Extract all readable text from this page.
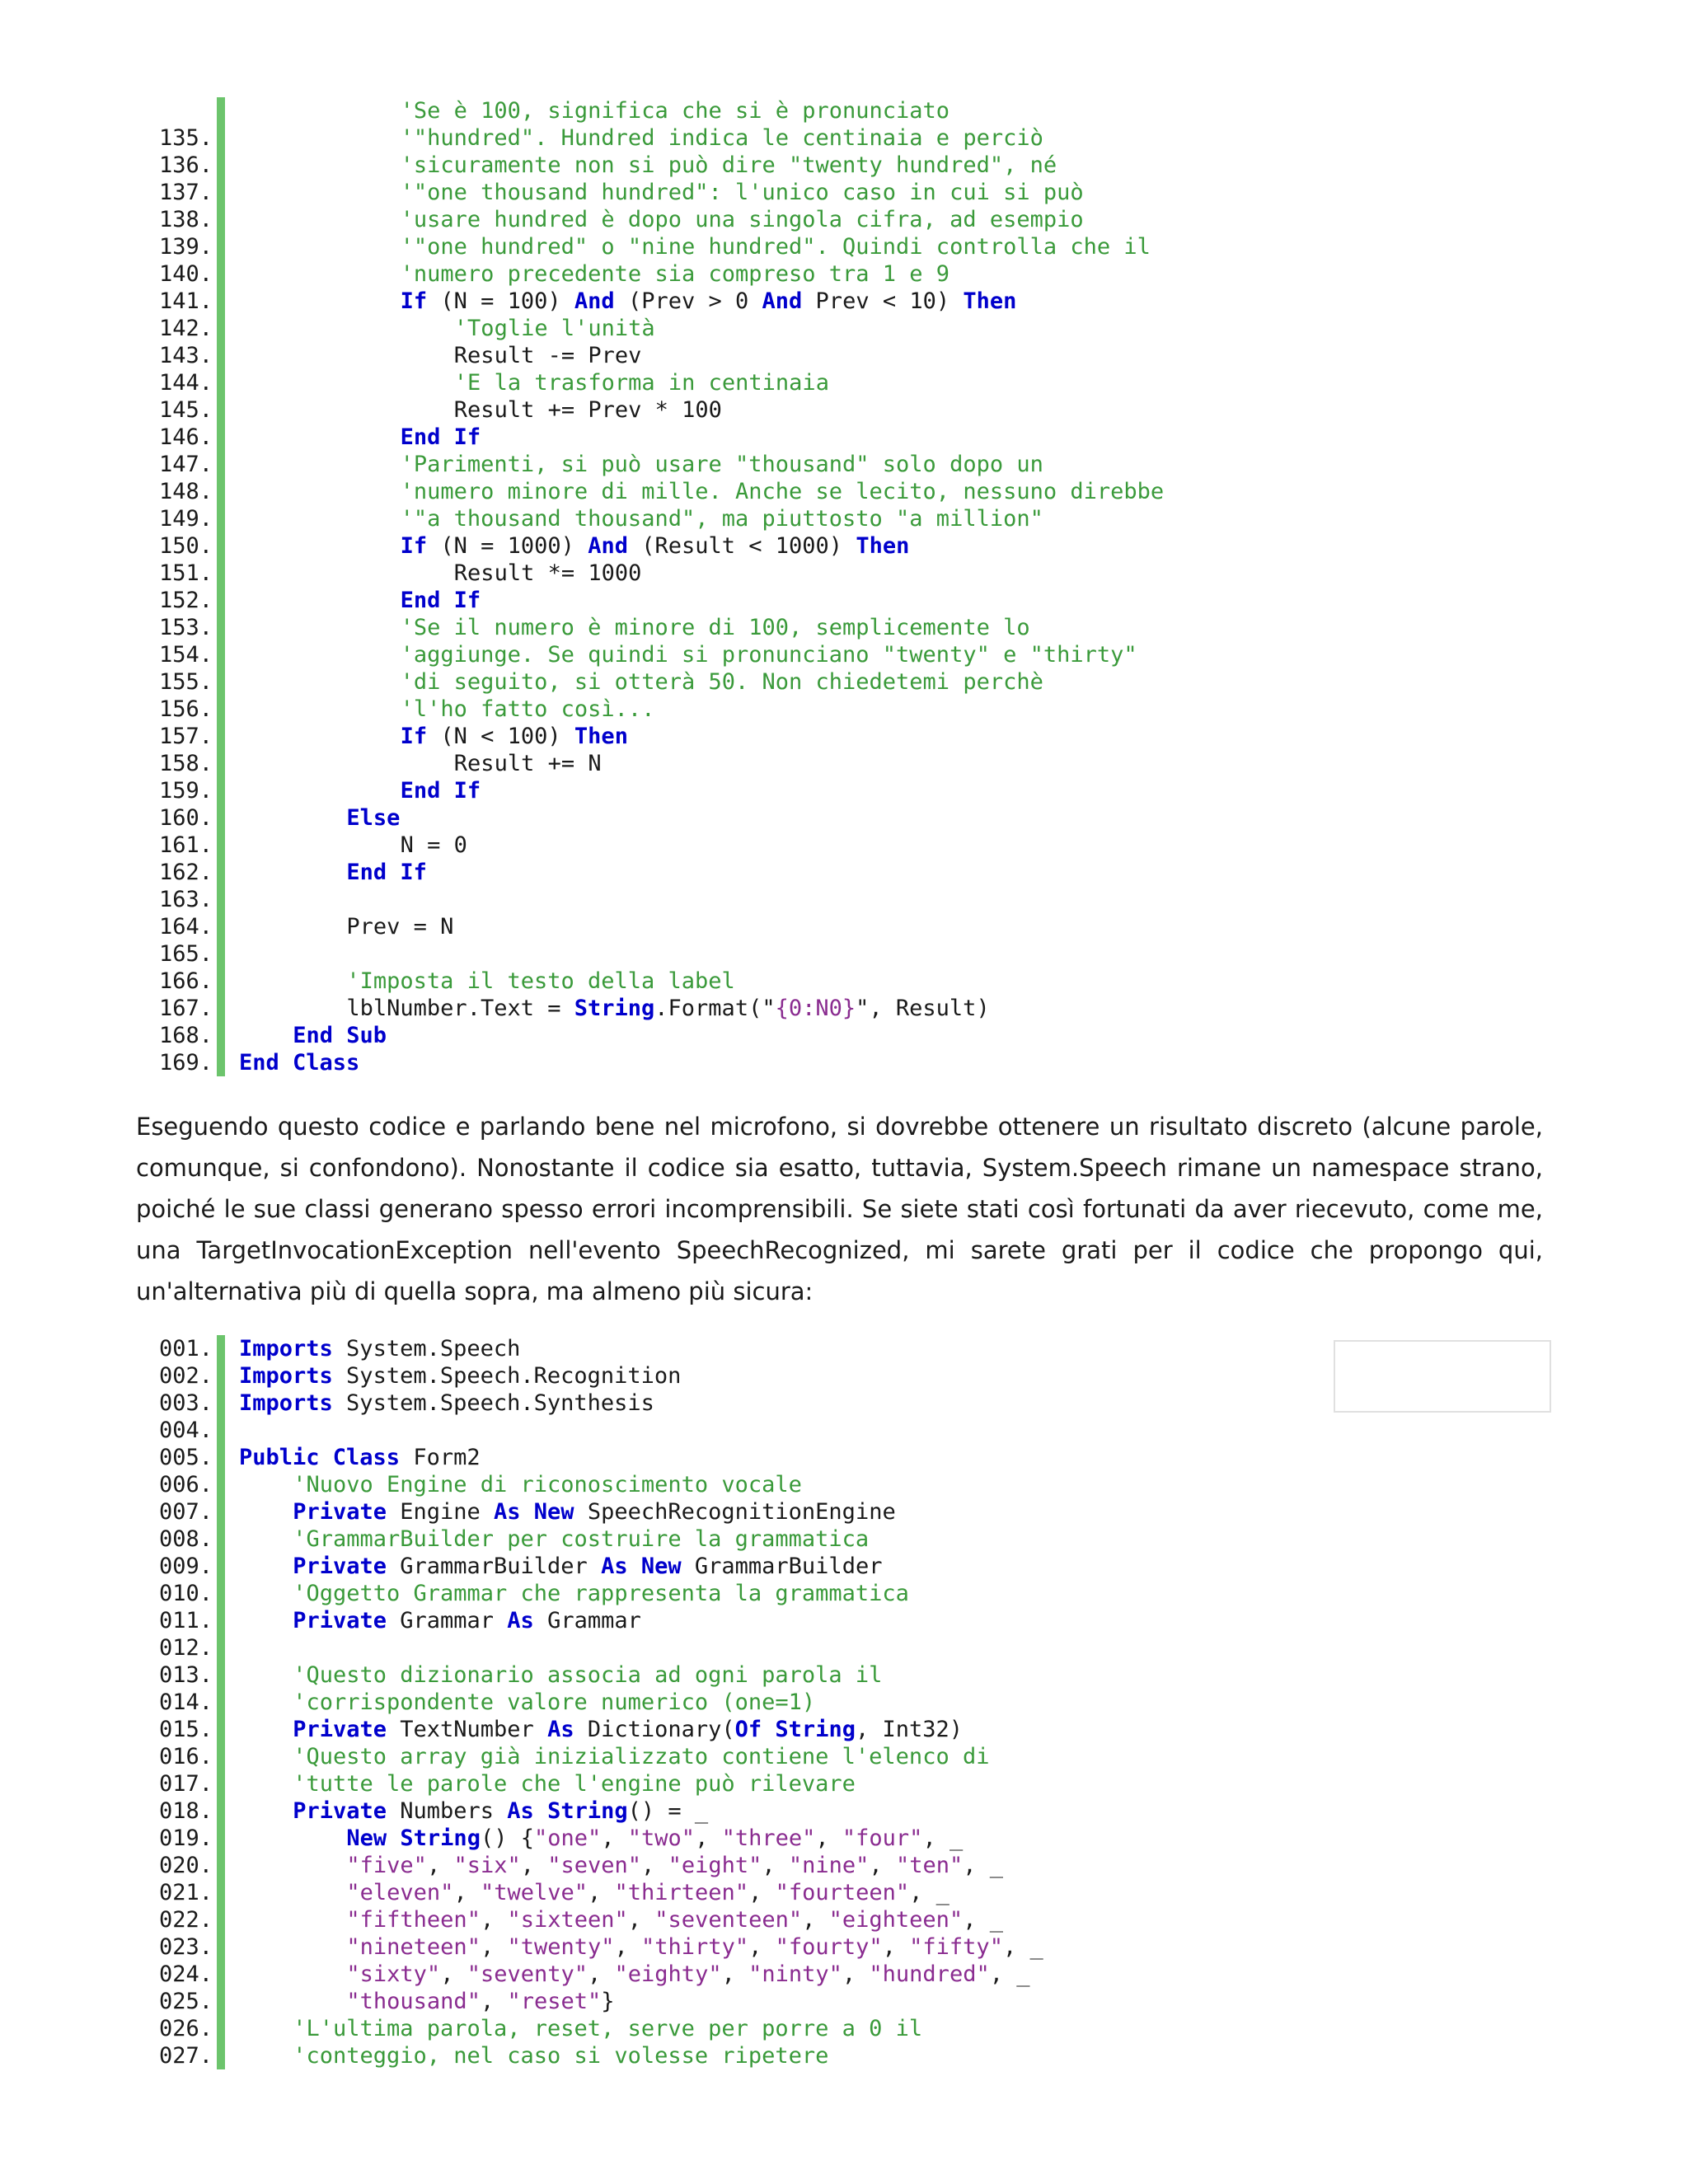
'Se è 100, significa che si è pronunciato
135.	'"hundred". Hundred indica le centinaia e perciò
136.	'sicuramente non si può dire "twenty hundred", né
137.	'"one thousand hundred": l'unico caso in cui si può
138.	'usare hundred è dopo una singola cifra, ad esempio
139.	'"one hundred" o "nine hundred". Quindi controlla che il
140.	'numero precedente sia compreso tra 1 e 9
141.	If (N = 100) And (Prev > 0 And Prev < 10) Then
142.	'Toglie l'unità
143.	Result -= Prev
144.	'E la trasforma in centinaia
145.	Result += Prev * 100
146.	End If
147.	'Parimenti, si può usare "thousand" solo dopo un
148.	'numero minore di mille. Anche se lecito, nessuno direbbe
149.	'"a thousand thousand", ma piuttosto "a million"
150.	If (N = 1000) And (Result < 1000) Then
151.	Result *= 1000
152.	End If
153.	'Se il numero è minore di 100, semplicemente lo
154.	'aggiunge. Se quindi si pronunciano "twenty" e "thirty"
155.	'di seguito, si otterà 50. Non chiedetemi perchè
156.	'l'ho fatto così...
157.	If (N < 100) Then
158.	Result += N
159.	End If
160.	Else
161.	N = 0
162.	End If
163.
164.	Prev = N
165.
166.	'Imposta il testo della label
167.	lblNumber.Text = String.Format("{0:N0}", Result)
168.	End Sub
169. End Class

Eseguendo questo codice e parlando bene nel microfono, si dovrebbe ottenere un risultato discreto (alcune parole, comunque, si confondono). Nonostante il codice sia esatto, tuttavia, System.Speech rimane un namespace strano, poiché le sue classi generano spesso errori incomprensibili. Se siete stati così fortunati da aver riecevuto, come me, una TargetInvocationException nell'evento SpeechRecognized, mi sarete grati per il codice che propongo qui, un'alternativa più di quella sopra, ma almeno più sicura:

001. Imports System.Speech
002. Imports System.Speech.Recognition
003. Imports System.Speech.Synthesis
004.
005. Public Class Form2
006.	'Nuovo Engine di riconoscimento vocale
007.	Private Engine As New SpeechRecognitionEngine
008.	'GrammarBuilder per costruire la grammatica
009.	Private GrammarBuilder As New GrammarBuilder
010.	'Oggetto Grammar che rappresenta la grammatica
011.	Private Grammar As Grammar
012.
013.	'Questo dizionario associa ad ogni parola il
014.	'corrispondente valore numerico (one=1)
015.	Private TextNumber As Dictionary(Of String, Int32)
016.	'Questo array già inizializzato contiene l'elenco di
017.	'tutte le parole che l'engine può rilevare
018.	Private Numbers As String() = _
019.	New String() {"one", "two", "three", "four", _
020.	"five", "six", "seven", "eight", "nine", "ten", _
021.	"eleven", "twelve", "thirteen", "fourteen", _
022.	"fiftheen", "sixteen", "seventeen", "eighteen", _
023.	"nineteen", "twenty", "thirty", "fourty", "fifty", _
024.	"sixty", "seventy", "eighty", "ninty", "hundred", _
025.	"thousand", "reset"}
026.	'L'ultima parola, reset, serve per porre a 0 il
027.	'conteggio, nel caso si volesse ripetere
